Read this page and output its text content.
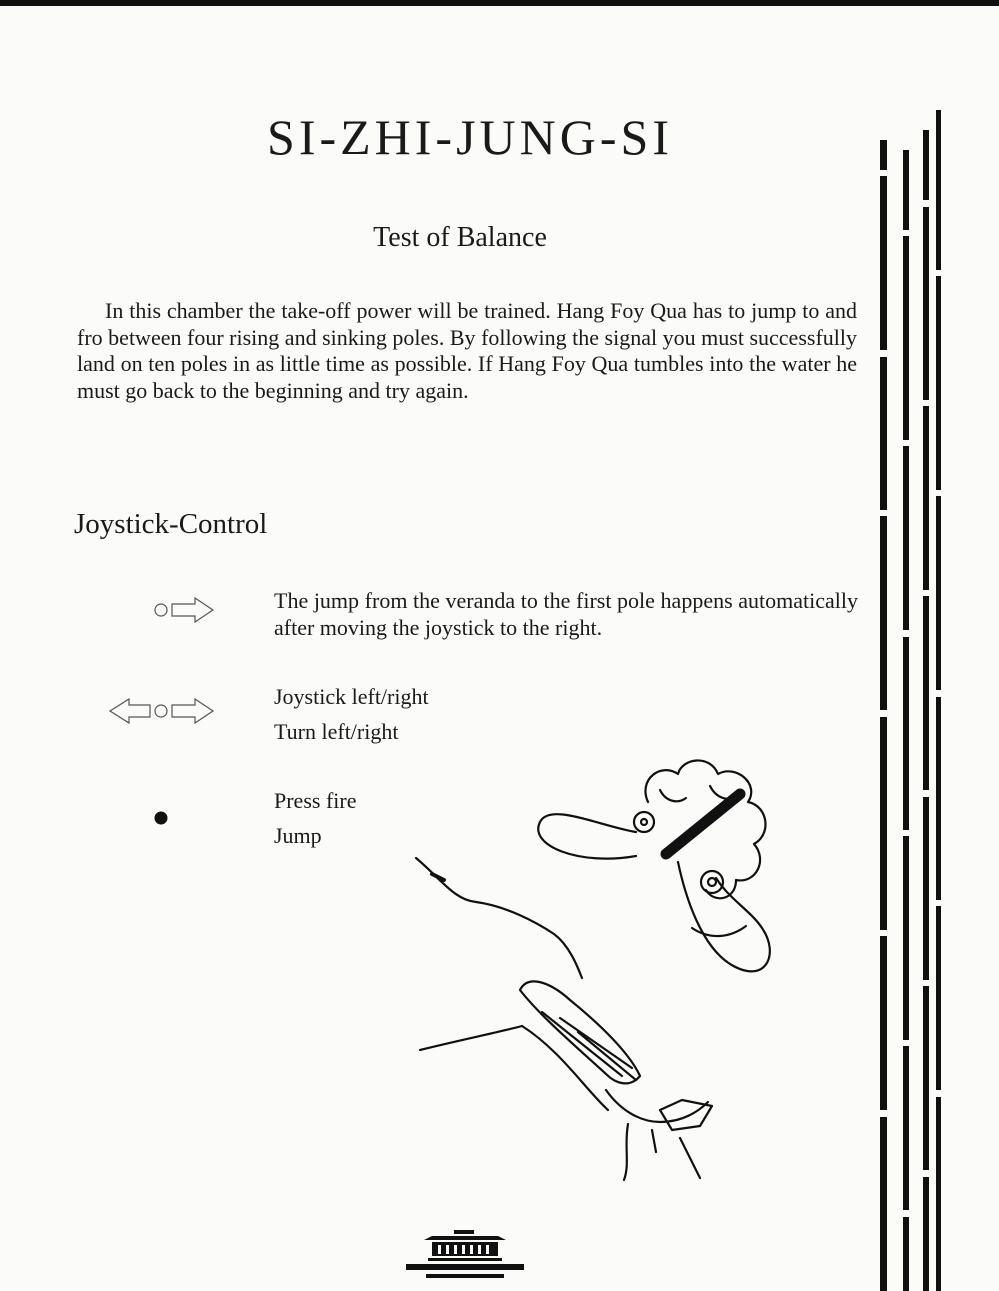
SI-ZHI-JUNG-SI
Test of Balance

In this chamber the take-off power will be trained. Hang Foy Qua has to jump to and fro between four rising and sinking poles. By following the signal you must successfully land on ten poles in as little time as possible. If Hang Foy Qua tumbles into the water he must go back to the beginning and try again.

Joystick-Control

The jump from the veranda to the first pole happens automatically after moving the joystick to the right.

Joystick left/right

Turn left/right

Press fire

Jump
